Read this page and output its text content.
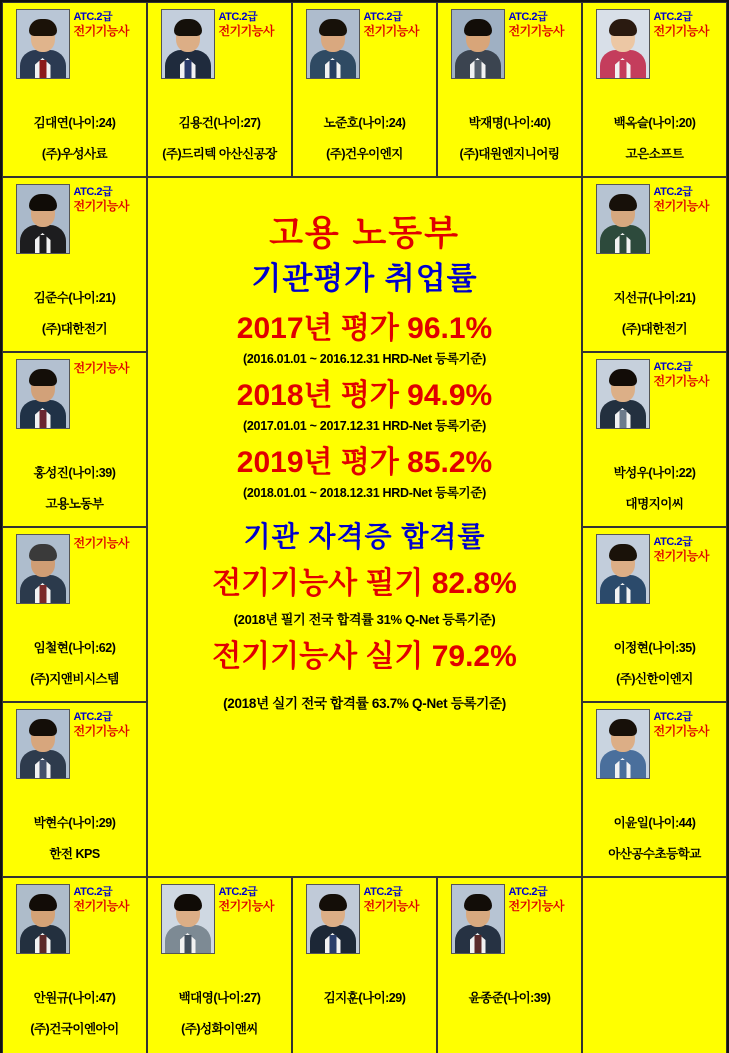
ATC.2급
전기기능사
김대연(나이:24)
(주)우성사료
ATC.2급
전기기능사
김용건(나이:27)
(주)드리텍 아산신공장
ATC.2급
전기기능사
노준호(나이:24)
(주)건우이엔지
ATC.2급
전기기능사
박재명(나이:40)
(주)대원엔지니어링
ATC.2급
전기기능사
백옥슬(나이:20)
고은소프트
ATC.2급
전기기능사
김준수(나이:21)
(주)대한전기
고용 노동부
기관평가 취업률
2017년 평가 96.1%
(2016.01.01 ~ 2016.12.31 HRD-Net 등록기준)
2018년 평가 94.9%
(2017.01.01 ~ 2017.12.31 HRD-Net 등록기준)
2019년 평가 85.2%
(2018.01.01 ~ 2018.12.31 HRD-Net 등록기준)
기관 자격증 합격률
전기기능사 필기 82.8%
(2018년 필기 전국 합격률 31% Q-Net 등록기준)
전기기능사 실기 79.2%
(2018년 실기 전국 합격률 63.7% Q-Net 등록기준)
ATC.2급
전기기능사
지선규(나이:21)
(주)대한전기
전기기능사
홍성진(나이:39)
고용노동부
ATC.2급
전기기능사
박성우(나이:22)
대명지이씨
전기기능사
임철현(나이:62)
(주)지앤비시스템
ATC.2급
전기기능사
이정현(나이:35)
(주)신한이엔지
ATC.2급
전기기능사
박현수(나이:29)
한전 KPS
ATC.2급
전기기능사
이윤일(나이:44)
아산공수초등학교
ATC.2급
전기기능사
안원규(나이:47)
(주)건국이엔아이
ATC.2급
전기기능사
백대영(나이:27)
(주)성화이앤씨
ATC.2급
전기기능사
김지훈(나이:29)
ATC.2급
전기기능사
윤종준(나이:39)
